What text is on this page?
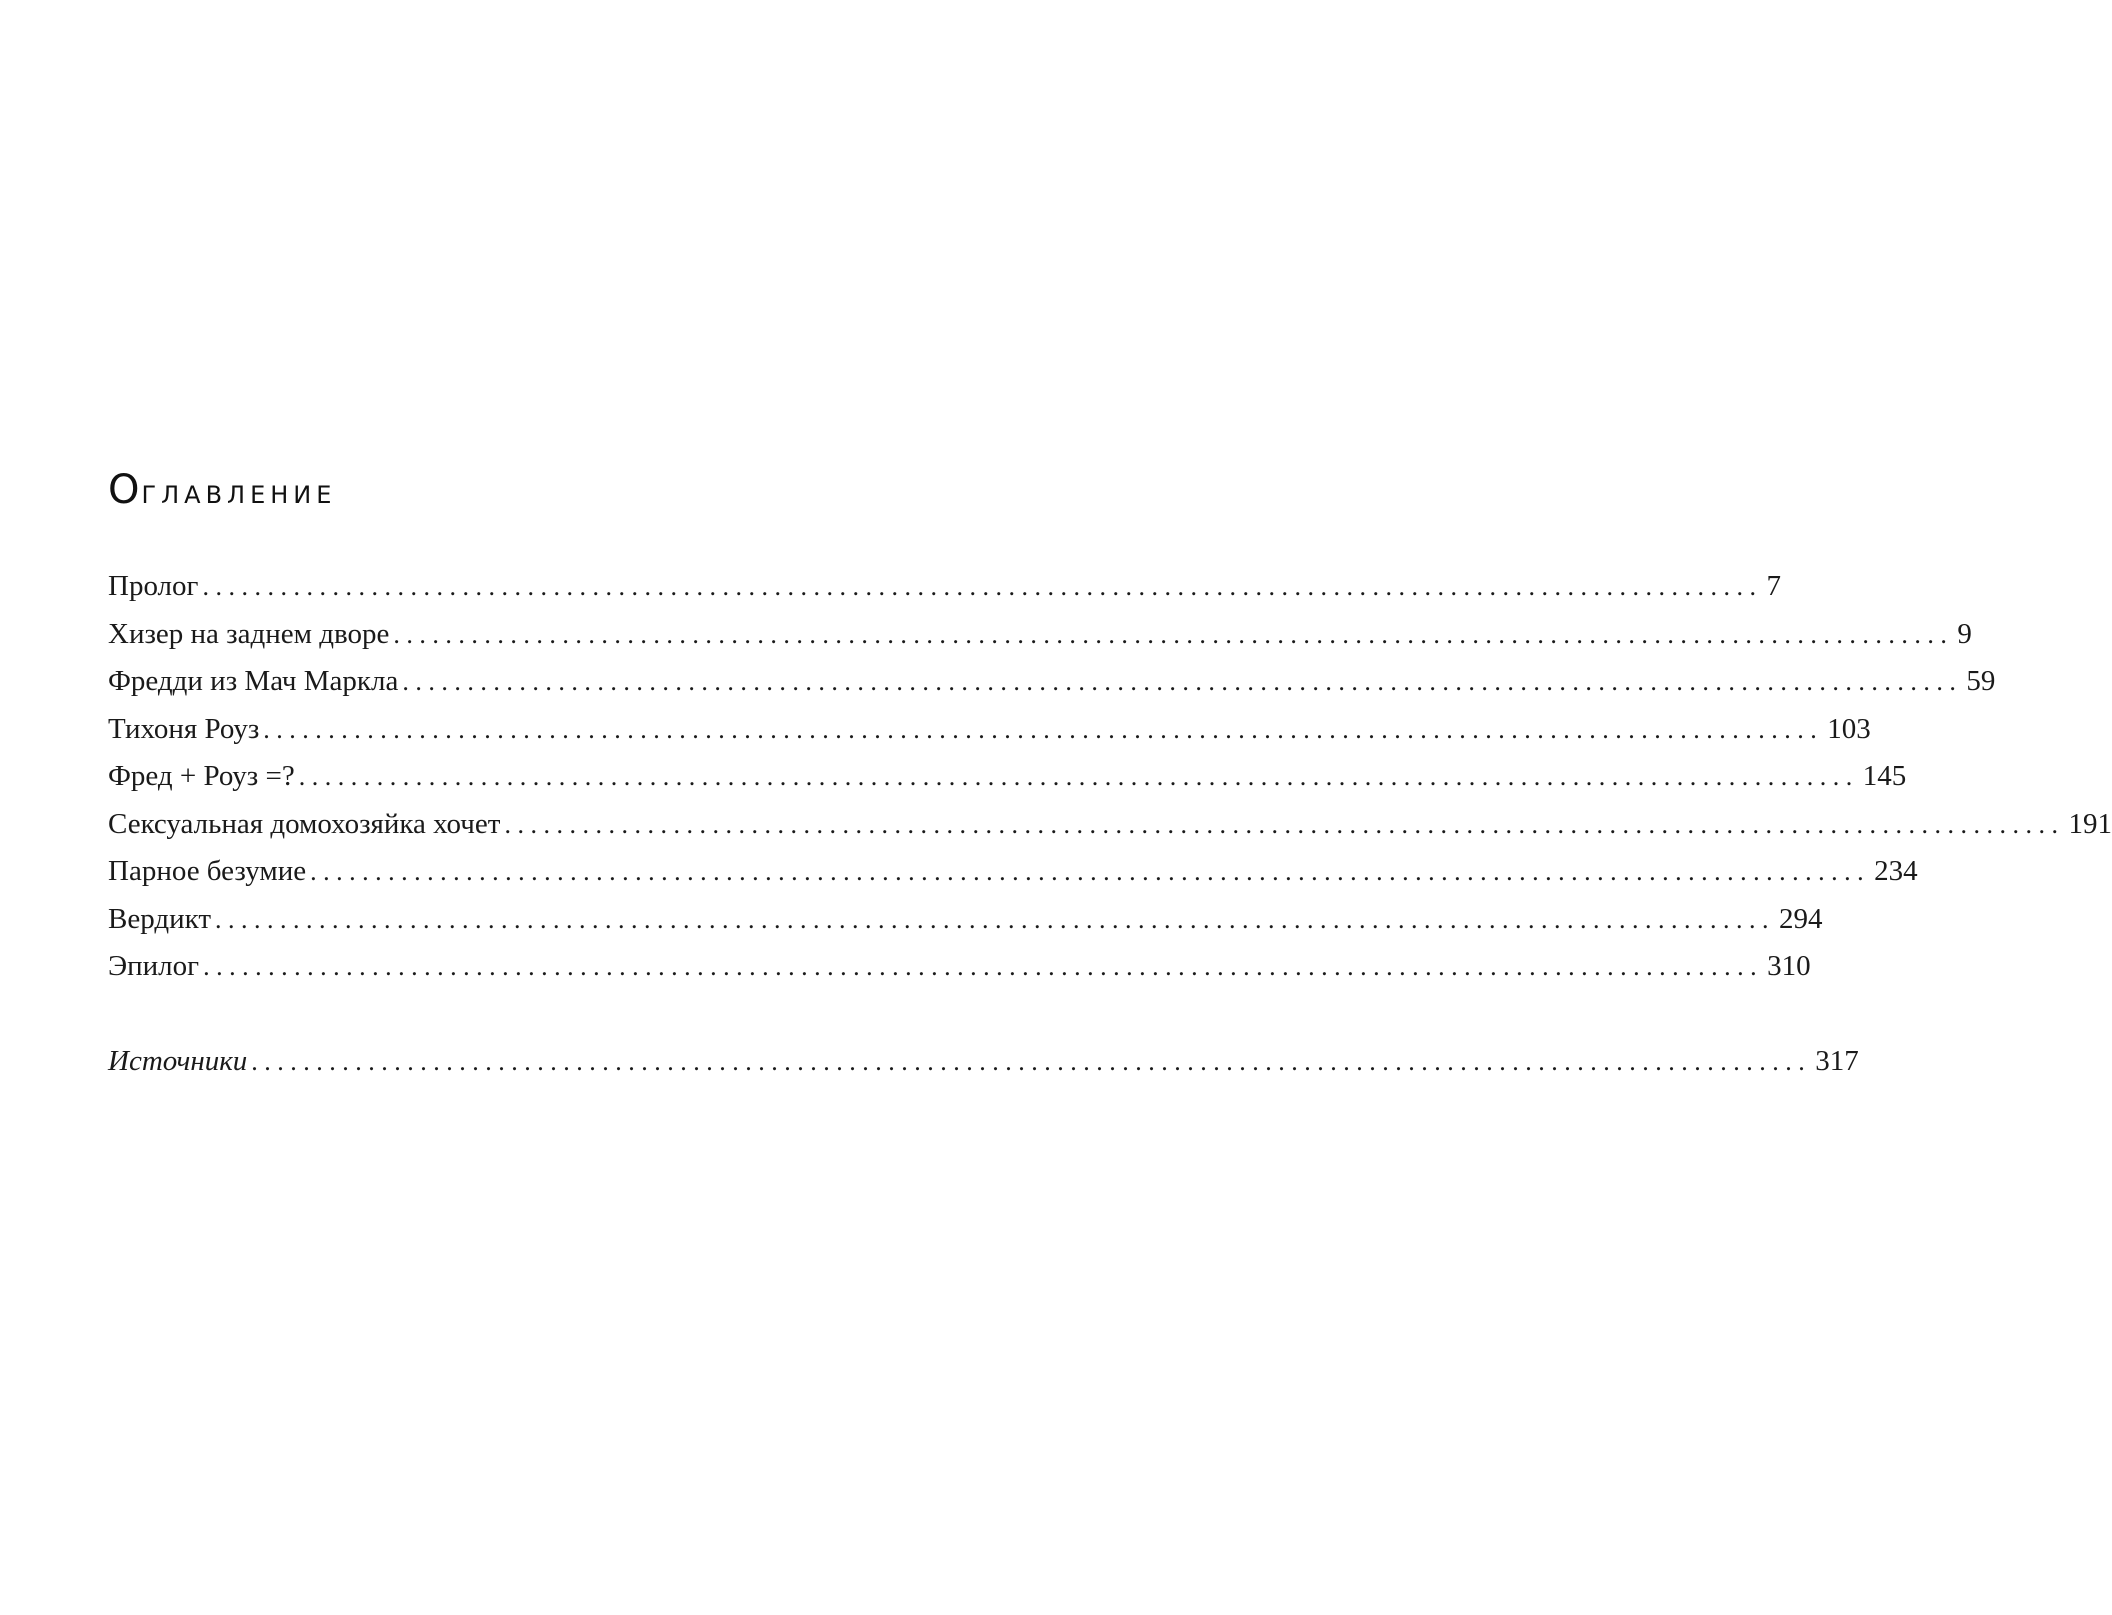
Оглавление
Пролог ........................................................................................................................ 7
Хизер на заднем дворе ........................................................................................................................ 9
Фредди из Мач Маркла ........................................................................................................................ 59
Тихоня Роуз ........................................................................................................................ 103
Фред + Роуз =? ........................................................................................................................ 145
Сексуальная домохозяйка хочет ........................................................................................................................ 191
Парное безумие ........................................................................................................................ 234
Вердикт ........................................................................................................................ 294
Эпилог ........................................................................................................................ 310
Источники ........................................................................................................................ 317
